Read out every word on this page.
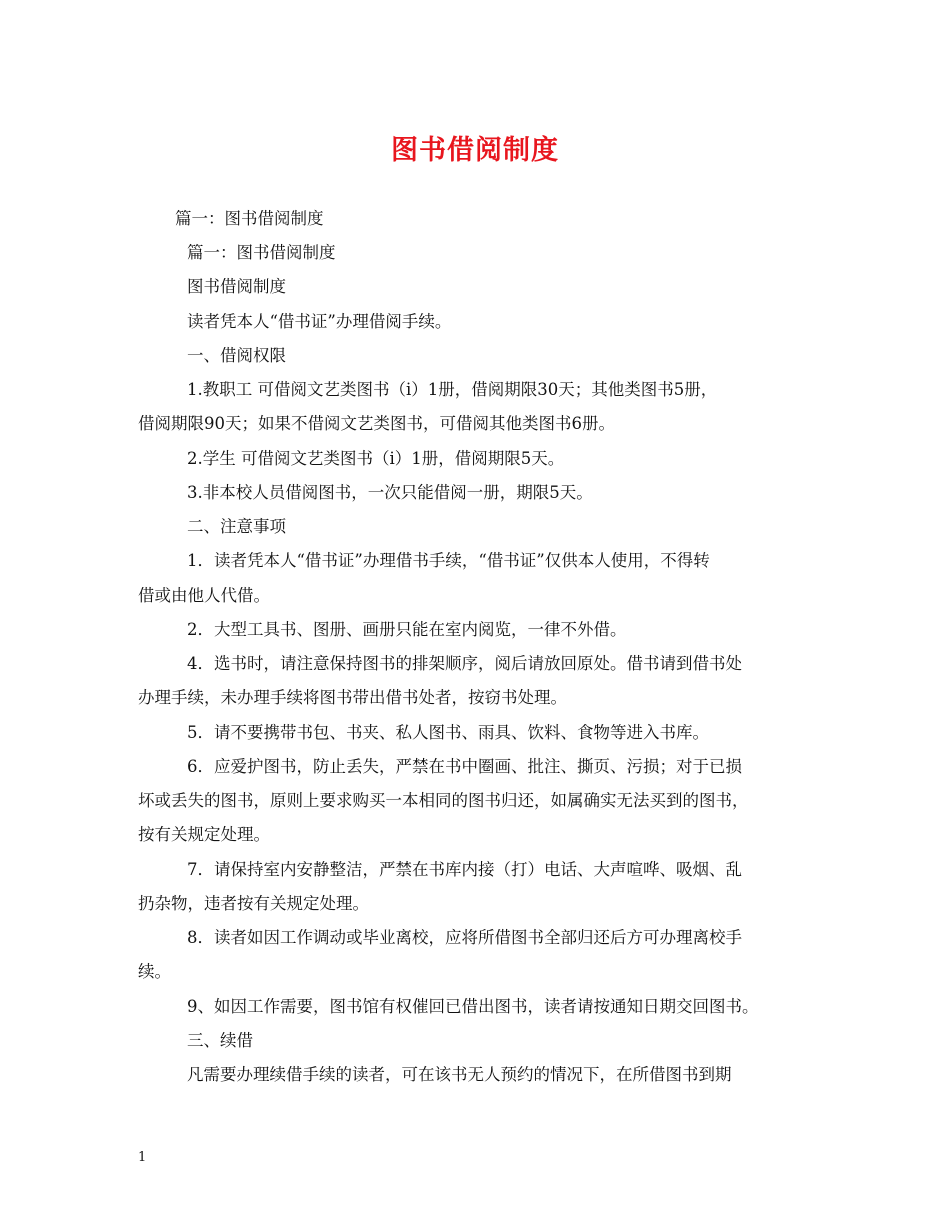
图书借阅制度
篇一：图书借阅制度
篇一：图书借阅制度
图书借阅制度
读者凭本人“借书证”办理借阅手续。
一、借阅权限
1.教职工 可借阅文艺类图书（i）1册，借阅期限30天；其他类图书5册，
借阅期限90天；如果不借阅文艺类图书，可借阅其他类图书6册。
2.学生 可借阅文艺类图书（i）1册，借阅期限5天。
3.非本校人员借阅图书，一次只能借阅一册，期限5天。
二、注意事项
1．读者凭本人“借书证”办理借书手续，“借书证”仅供本人使用，不得转
借或由他人代借。
2．大型工具书、图册、画册只能在室内阅览，一律不外借。
4．选书时，请注意保持图书的排架顺序，阅后请放回原处。借书请到借书处
办理手续，未办理手续将图书带出借书处者，按窃书处理。
5．请不要携带书包、书夹、私人图书、雨具、饮料、食物等进入书库。
6．应爱护图书，防止丢失，严禁在书中圈画、批注、撕页、污损；对于已损
坏或丢失的图书，原则上要求购买一本相同的图书归还，如属确实无法买到的图书，
按有关规定处理。
7．请保持室内安静整洁，严禁在书库内接（打）电话、大声喧哗、吸烟、乱
扔杂物，违者按有关规定处理。
8．读者如因工作调动或毕业离校，应将所借图书全部归还后方可办理离校手
续。
9、如因工作需要，图书馆有权催回已借出图书，读者请按通知日期交回图书。
三、续借
凡需要办理续借手续的读者，可在该书无人预约的情况下，在所借图书到期
1
